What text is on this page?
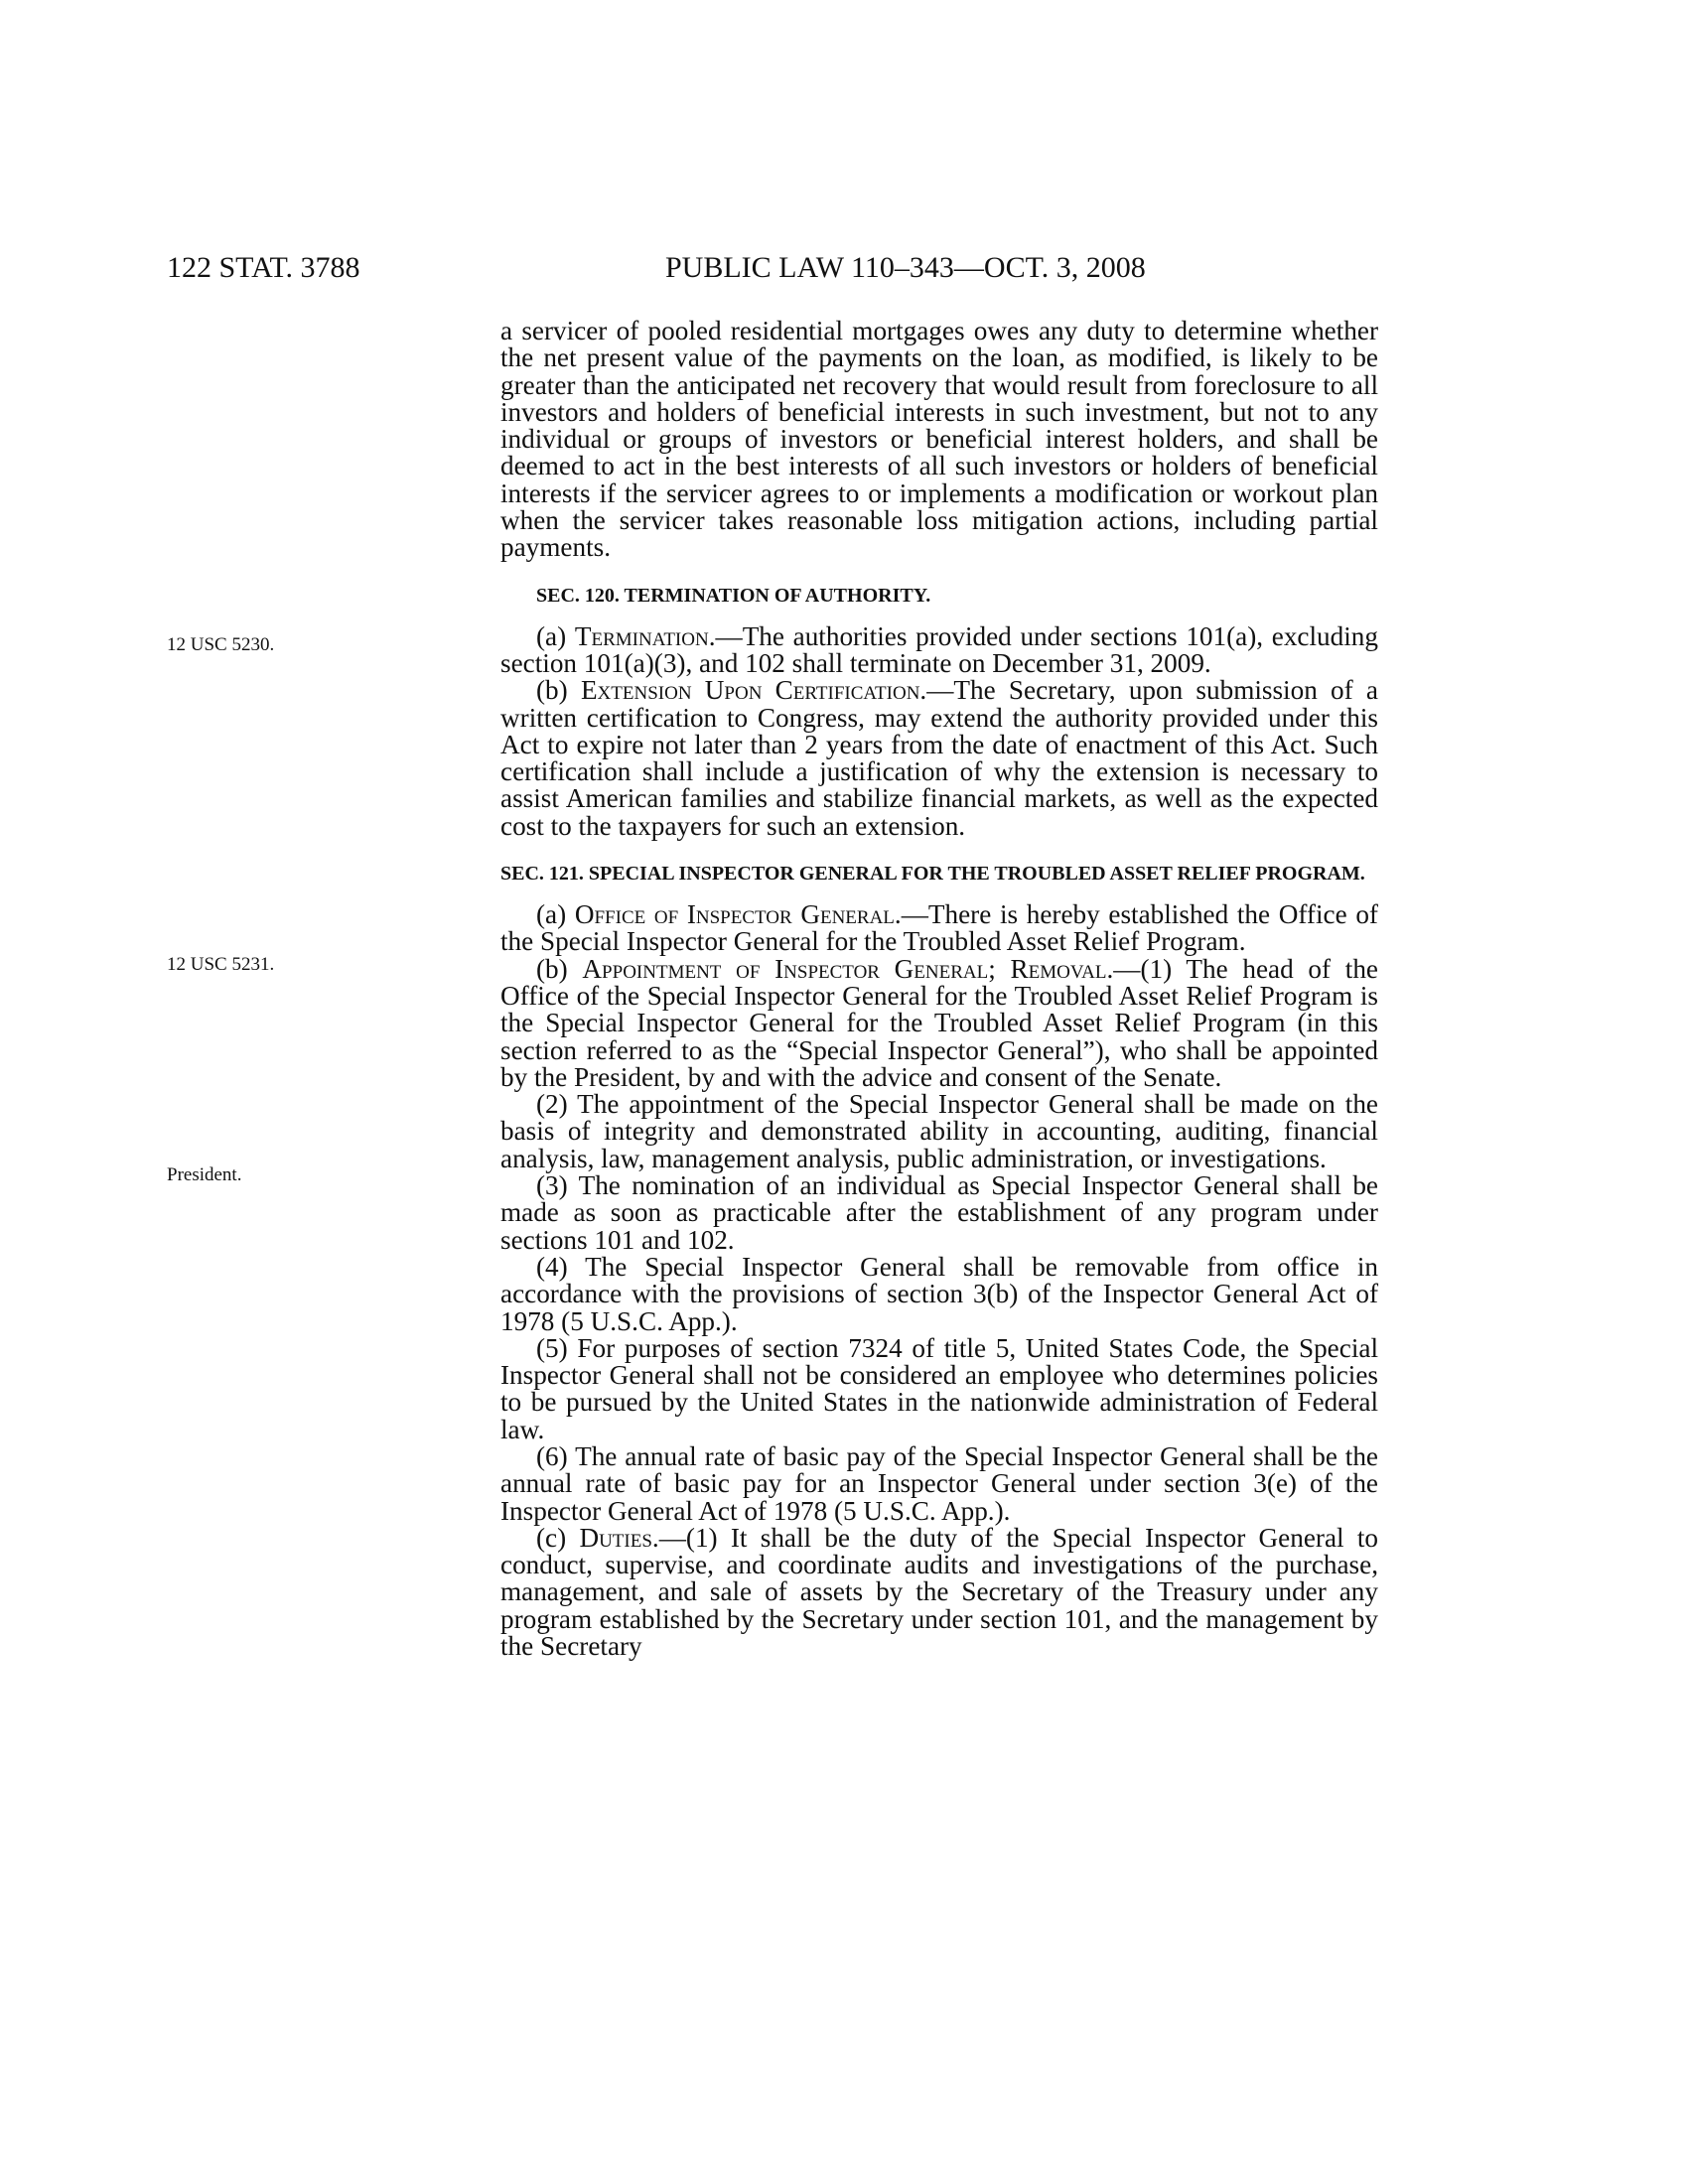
122 STAT. 3788	PUBLIC LAW 110–343—OCT. 3, 2008
12 USC 5230.
12 USC 5231.
President.

a servicer of pooled residential mortgages owes any duty to determine whether the net present value of the payments on the loan, as modified, is likely to be greater than the anticipated net recovery that would result from foreclosure to all investors and holders of beneficial interests in such investment, but not to any individual or groups of investors or beneficial interest holders, and shall be deemed to act in the best interests of all such investors or holders of beneficial interests if the servicer agrees to or implements a modification or workout plan when the servicer takes reasonable loss mitigation actions, including partial payments.

SEC. 120. TERMINATION OF AUTHORITY.

(a) Termination.—The authorities provided under sections 101(a), excluding section 101(a)(3), and 102 shall terminate on December 31, 2009.

(b) Extension Upon Certification.—The Secretary, upon submission of a written certification to Congress, may extend the authority provided under this Act to expire not later than 2 years from the date of enactment of this Act. Such certification shall include a justification of why the extension is necessary to assist American families and stabilize financial markets, as well as the expected cost to the taxpayers for such an extension.

SEC. 121. SPECIAL INSPECTOR GENERAL FOR THE TROUBLED ASSET RELIEF PROGRAM.

(a) Office of Inspector General.—There is hereby established the Office of the Special Inspector General for the Troubled Asset Relief Program.

(b) Appointment of Inspector General; Removal.—(1) The head of the Office of the Special Inspector General for the Troubled Asset Relief Program is the Special Inspector General for the Troubled Asset Relief Program (in this section referred to as the “Special Inspector General”), who shall be appointed by the President, by and with the advice and consent of the Senate.

(2) The appointment of the Special Inspector General shall be made on the basis of integrity and demonstrated ability in accounting, auditing, financial analysis, law, management analysis, public administration, or investigations.

(3) The nomination of an individual as Special Inspector General shall be made as soon as practicable after the establishment of any program under sections 101 and 102.

(4) The Special Inspector General shall be removable from office in accordance with the provisions of section 3(b) of the Inspector General Act of 1978 (5 U.S.C. App.).

(5) For purposes of section 7324 of title 5, United States Code, the Special Inspector General shall not be considered an employee who determines policies to be pursued by the United States in the nationwide administration of Federal law.

(6) The annual rate of basic pay of the Special Inspector General shall be the annual rate of basic pay for an Inspector General under section 3(e) of the Inspector General Act of 1978 (5 U.S.C. App.).

(c) Duties.—(1) It shall be the duty of the Special Inspector General to conduct, supervise, and coordinate audits and investigations of the purchase, management, and sale of assets by the Secretary of the Treasury under any program established by the Secretary under section 101, and the management by the Secretary
